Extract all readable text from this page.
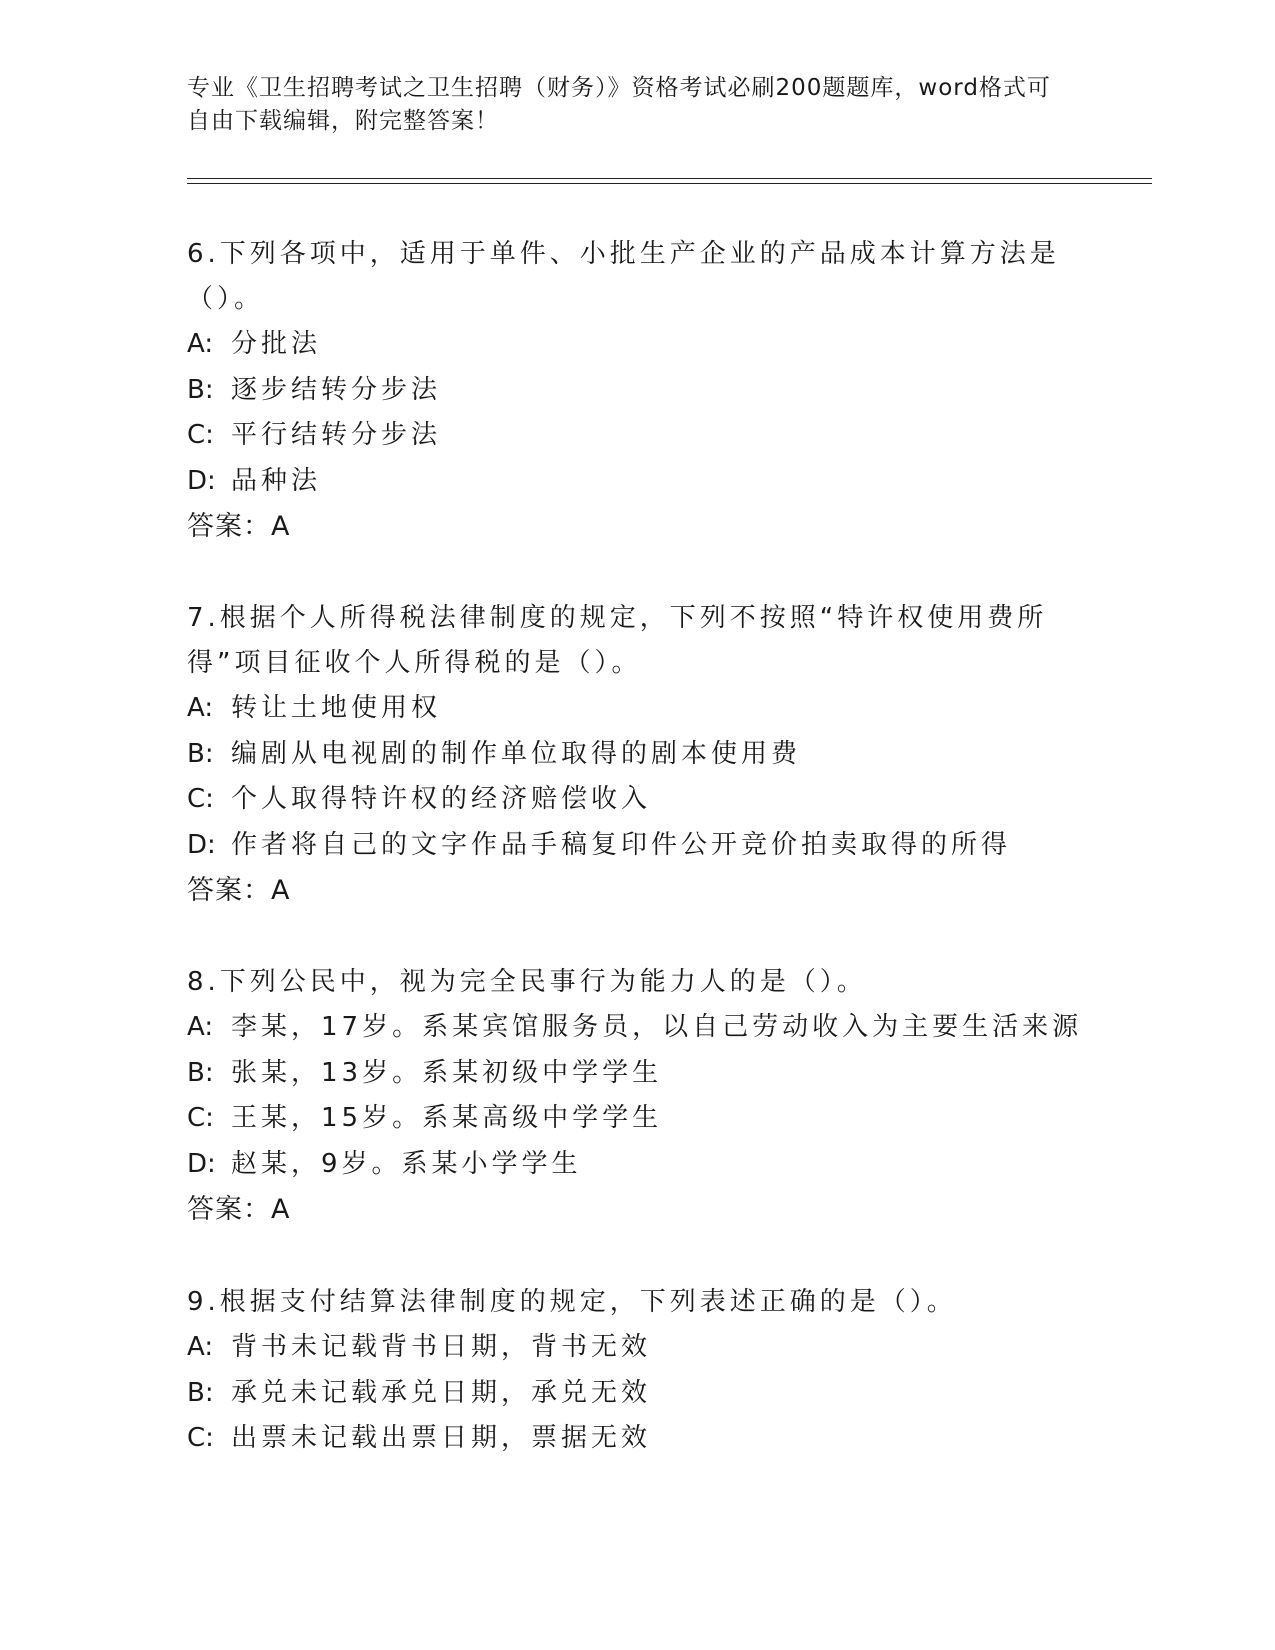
专业《卫生招聘考试之卫生招聘（财务）》资格考试必刷200题题库，word格式可自由下载编辑，附完整答案！

6.下列各项中，适用于单件、小批生产企业的产品成本计算方法是（）。

A: 分批法

B: 逐步结转分步法

C: 平行结转分步法

D: 品种法

答案：A

7.根据个人所得税法律制度的规定，下列不按照“特许权使用费所得”项目征收个人所得税的是（）。

A: 转让土地使用权

B: 编剧从电视剧的制作单位取得的剧本使用费

C: 个人取得特许权的经济赔偿收入

D: 作者将自己的文字作品手稿复印件公开竞价拍卖取得的所得

答案：A

8.下列公民中，视为完全民事行为能力人的是（）。

A: 李某，17岁。系某宾馆服务员，以自己劳动收入为主要生活来源

B: 张某，13岁。系某初级中学学生

C: 王某，15岁。系某高级中学学生

D: 赵某，9岁。系某小学学生

答案：A

9.根据支付结算法律制度的规定，下列表述正确的是（）。

A: 背书未记载背书日期，背书无效

B: 承兑未记载承兑日期，承兑无效

C: 出票未记载出票日期，票据无效
